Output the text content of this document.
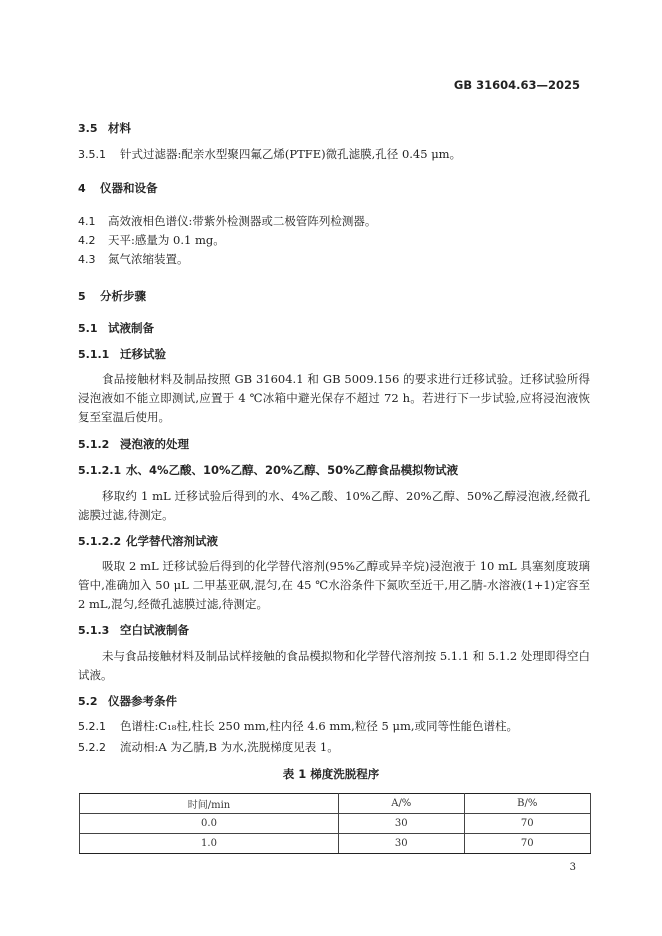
GB 31604.63—2025
3.5 材料
3.5.1 针式过滤器:配亲水型聚四氟乙烯(PTFE)微孔滤膜,孔径 0.45 μm。
4 仪器和设备
4.1 高效液相色谱仪:带紫外检测器或二极管阵列检测器。
4.2 天平:感量为 0.1 mg。
4.3 氮气浓缩装置。
5 分析步骤
5.1 试液制备
5.1.1 迁移试验
食品接触材料及制品按照 GB 31604.1 和 GB 5009.156 的要求进行迁移试验。迁移试验所得浸泡液如不能立即测试,应置于 4 ℃冰箱中避光保存不超过 72 h。若进行下一步试验,应将浸泡液恢复至室温后使用。
5.1.2 浸泡液的处理
5.1.2.1 水、4%乙酸、10%乙醇、20%乙醇、50%乙醇食品模拟物试液
移取约 1 mL 迁移试验后得到的水、4%乙酸、10%乙醇、20%乙醇、50%乙醇浸泡液,经微孔滤膜过滤,待测定。
5.1.2.2 化学替代溶剂试液
吸取 2 mL 迁移试验后得到的化学替代溶剂(95%乙醇或异辛烷)浸泡液于 10 mL 具塞刻度玻璃管中,准确加入 50 μL 二甲基亚砜,混匀,在 45 ℃水浴条件下氮吹至近干,用乙腈-水溶液(1+1)定容至 2 mL,混匀,经微孔滤膜过滤,待测定。
5.1.3 空白试液制备
未与食品接触材料及制品试样接触的食品模拟物和化学替代溶剂按 5.1.1 和 5.1.2 处理即得空白试液。
5.2 仪器参考条件
5.2.1 色谱柱:C₁₈柱,柱长 250 mm,柱内径 4.6 mm,粒径 5 μm,或同等性能色谱柱。
5.2.2 流动相:A 为乙腈,B 为水,洗脱梯度见表 1。
表 1 梯度洗脱程序
时间/min	A/%	B/%
0.0	30	70
1.0	30	70
3
